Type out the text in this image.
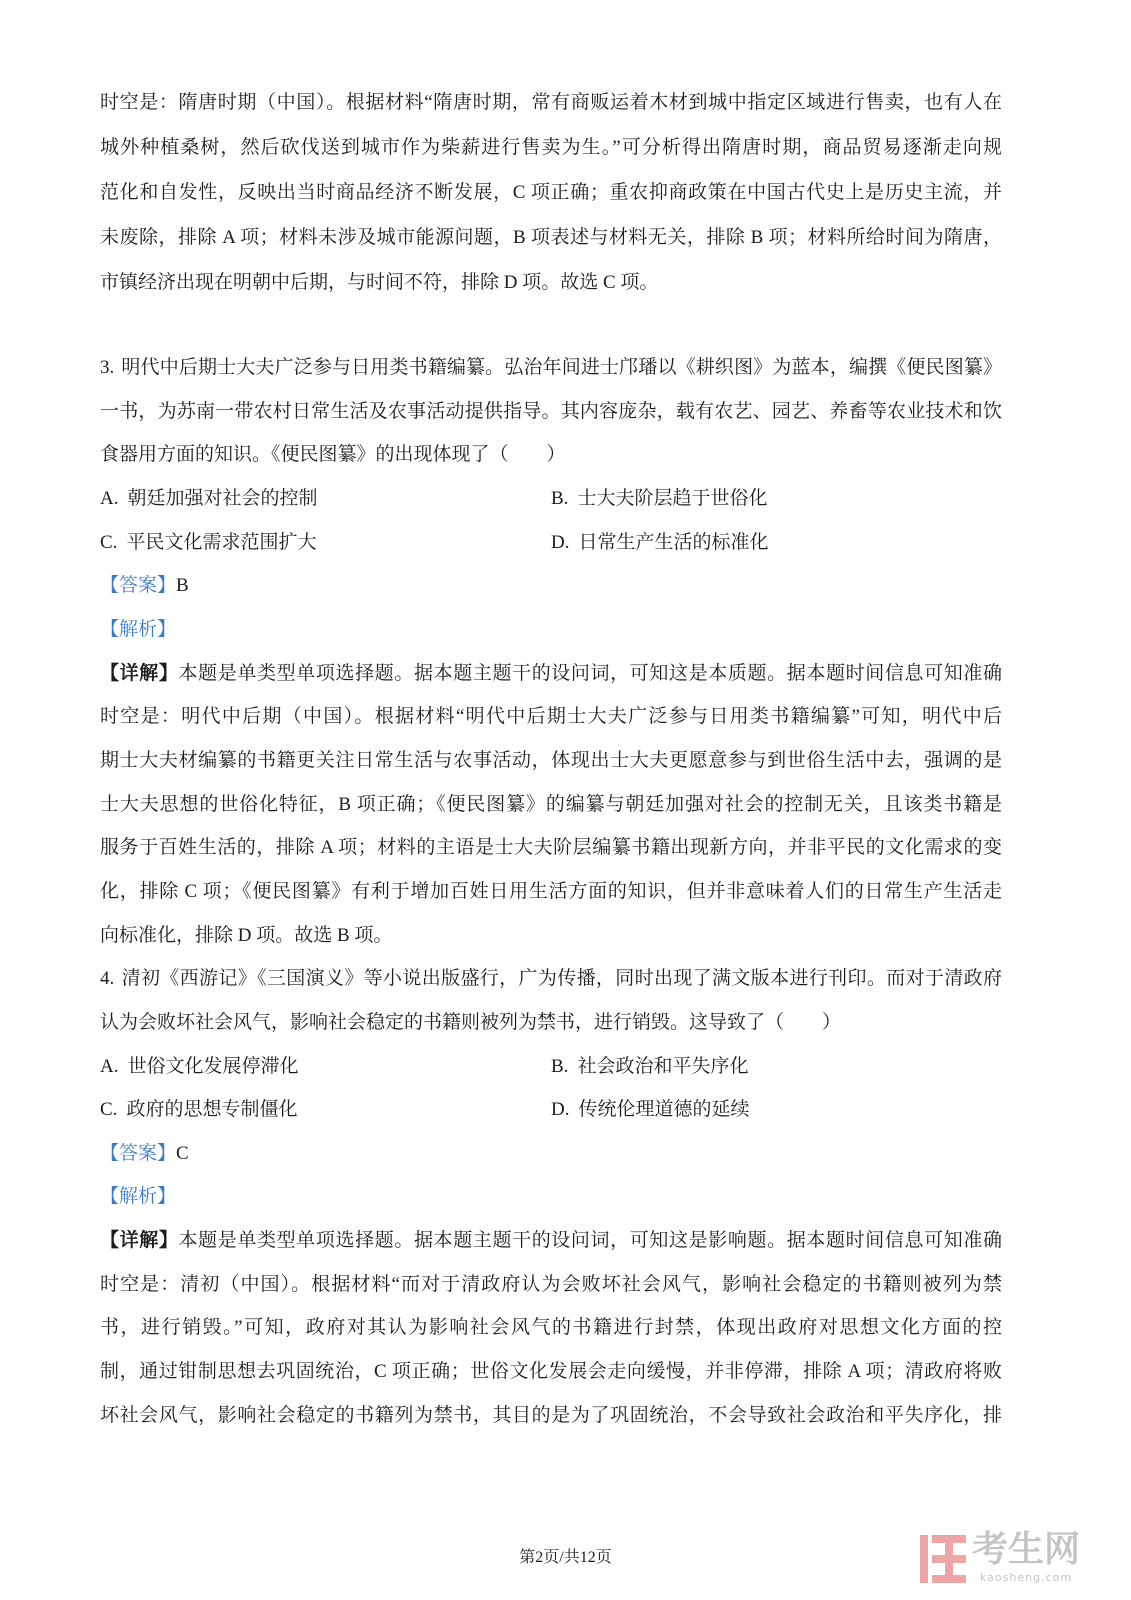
时空是：隋唐时期（中国）。根据材料“隋唐时期，常有商贩运着木材到城中指定区域进行售卖，也有人在
城外种植桑树，然后砍伐送到城市作为柴薪进行售卖为生。”可分析得出隋唐时期，商品贸易逐渐走向规
范化和自发性，反映出当时商品经济不断发展，C 项正确；重农抑商政策在中国古代史上是历史主流，并
未废除，排除 A 项；材料未涉及城市能源问题，B 项表述与材料无关，排除 B 项；材料所给时间为隋唐，
市镇经济出现在明朝中后期，与时间不符，排除 D 项。故选 C 项。
3. 明代中后期士大夫广泛参与日用类书籍编纂。弘治年间进士邝璠以《耕织图》为蓝本，编撰《便民图纂》
一书，为苏南一带农村日常生活及农事活动提供指导。其内容庞杂，载有农艺、园艺、养畜等农业技术和饮
食器用方面的知识。《便民图纂》的出现体现了（　　）
A. 朝廷加强对社会的控制	B. 士大夫阶层趋于世俗化
C. 平民文化需求范围扩大	D. 日常生产生活的标准化
【答案】B
【解析】
【详解】本题是单类型单项选择题。据本题主题干的设问词，可知这是本质题。据本题时间信息可知准确
时空是：明代中后期（中国）。根据材料“明代中后期士大夫广泛参与日用类书籍编纂”可知，明代中后
期士大夫材编纂的书籍更关注日常生活与农事活动，体现出士大夫更愿意参与到世俗生活中去，强调的是
士大夫思想的世俗化特征，B 项正确；《便民图纂》的编纂与朝廷加强对社会的控制无关，且该类书籍是
服务于百姓生活的，排除 A 项；材料的主语是士大夫阶层编纂书籍出现新方向，并非平民的文化需求的变
化，排除 C 项；《便民图纂》有利于增加百姓日用生活方面的知识，但并非意味着人们的日常生产生活走
向标准化，排除 D 项。故选 B 项。
4. 清初《西游记》《三国演义》等小说出版盛行，广为传播，同时出现了满文版本进行刊印。而对于清政府
认为会败坏社会风气，影响社会稳定的书籍则被列为禁书，进行销毁。这导致了（　　）
A. 世俗文化发展停滞化	B. 社会政治和平失序化
C. 政府的思想专制僵化	D. 传统伦理道德的延续
【答案】C
【解析】
【详解】本题是单类型单项选择题。据本题主题干的设问词，可知这是影响题。据本题时间信息可知准确
时空是：清初（中国）。根据材料“而对于清政府认为会败坏社会风气，影响社会稳定的书籍则被列为禁
书，进行销毁。”可知，政府对其认为影响社会风气的书籍进行封禁，体现出政府对思想文化方面的控
制，通过钳制思想去巩固统治，C 项正确；世俗文化发展会走向缓慢，并非停滞，排除 A 项；清政府将败
坏社会风气，影响社会稳定的书籍列为禁书，其目的是为了巩固统治，不会导致社会政治和平失序化，排
第2页/共12页	考生网
kaosheng.com
